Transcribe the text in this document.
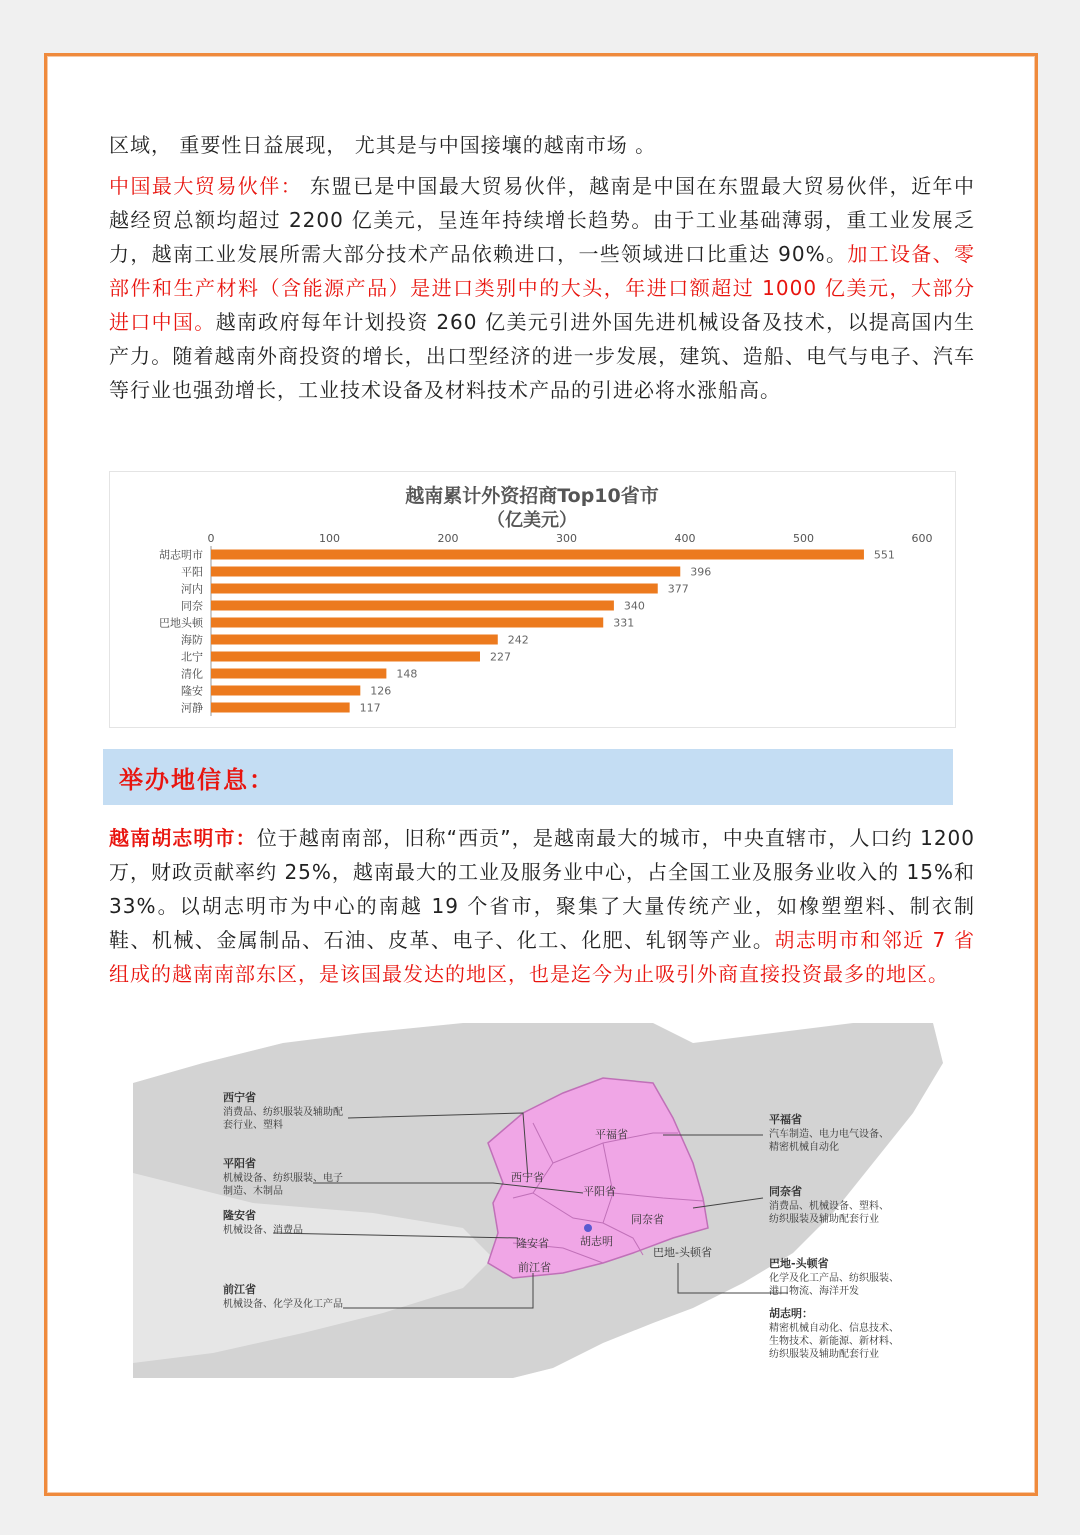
区域， 重要性日益展现， 尤其是与中国接壤的越南市场 。
中国最大贸易伙伴： 东盟已是中国最大贸易伙伴，越南是中国在东盟最大贸易伙伴，近年中越经贸总额均超过 2200 亿美元，呈连年持续增长趋势。由于工业基础薄弱，重工业发展乏力，越南工业发展所需大部分技术产品依赖进口，一些领域进口比重达 90%。加工设备、零部件和生产材料（含能源产品）是进口类别中的大头，年进口额超过 1000 亿美元，大部分进口中国。越南政府每年计划投资 260 亿美元引进外国先进机械设备及技术，以提高国内生产力。随着越南外商投资的增长，出口型经济的进一步发展，建筑、造船、电气与电子、汽车等行业也强劲增长，工业技术设备及材料技术产品的引进必将水涨船高。
越南累计外资招商Top10省市
（亿美元）
0	100	200	300	400	500	600
胡志明市	551
平阳	396
河内	377
同奈	340
巴地头顿	331
海防	242
北宁	227
清化	148
隆安	126
河静	117
举办地信息：
越南胡志明市：位于越南南部，旧称“西贡”，是越南最大的城市，中央直辖市，人口约 1200 万，财政贡献率约 25%，越南最大的工业及服务业中心，占全国工业及服务业收入的 15%和 33%。以胡志明市为中心的南越 19 个省市，聚集了大量传统产业，如橡塑塑料、制衣制鞋、机械、金属制品、石油、皮革、电子、化工、化肥、轧钢等产业。胡志明市和邻近 7 省组成的越南南部东区，是该国最发达的地区，也是迄今为止吸引外商直接投资最多的地区。
西宁省
平福省
平阳省
同奈省
隆安省
前江省
胡志明
巴地-头顿省
西宁省
消费品、纺织服装及辅助配
套行业、塑料
平阳省
机械设备、纺织服装、电子
制造、木制品
隆安省
机械设备、消费品
前江省
机械设备、化学及化工产品
平福省
汽车制造、电力电气设备、
精密机械自动化
同奈省
消费品、机械设备、塑料、
纺织服装及辅助配套行业
巴地-头顿省
化学及化工产品、纺织服装、
港口物流、海洋开发
胡志明：
精密机械自动化、信息技术、
生物技术、新能源、新材料、
纺织服装及辅助配套行业
